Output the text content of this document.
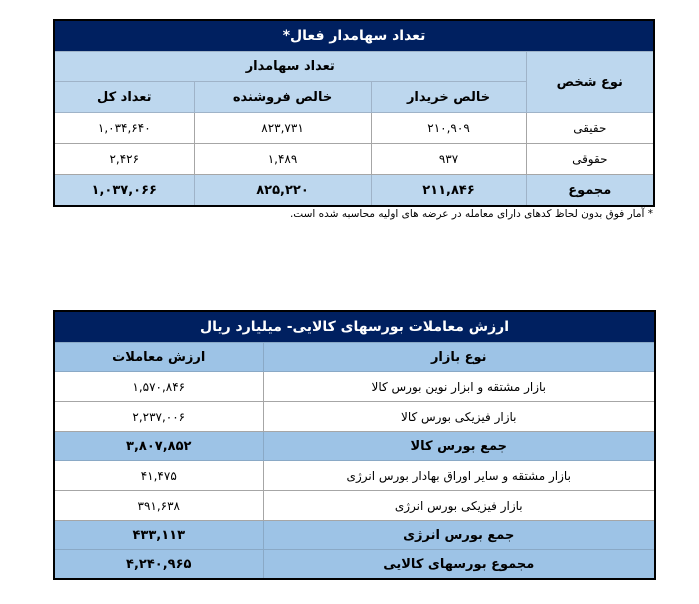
تعداد سهامدار فعال*			
نوع شخص	تعداد سهامدار		
	خالص خریدار	خالص فروشنده	تعداد کل
حقیقی	۲۱۰,۹۰۹	۸۲۳,۷۳۱	۱,۰۳۴,۶۴۰
حقوقی	۹۳۷	۱,۴۸۹	۲,۴۲۶
مجموع	۲۱۱,۸۴۶	۸۲۵,۲۲۰	۱,۰۳۷,۰۶۶
* آمار فوق بدون لحاظ کدهای دارای معامله در عرضه های اولیه محاسبه شده است.
ارزش معاملات بورسهای کالایی- میلیارد ریال	
نوع بازار	ارزش معاملات
بازار مشتقه و ابزار نوین بورس کالا	۱,۵۷۰,۸۴۶
بازار فیزیکی بورس کالا	۲,۲۳۷,۰۰۶
جمع بورس کالا	۳,۸۰۷,۸۵۲
بازار مشتقه و سایر اوراق بهادار بورس انرژی	۴۱,۴۷۵
بازار فیزیکی بورس انرژی	۳۹۱,۶۳۸
جمع بورس انرژی	۴۳۳,۱۱۳
مجموع بورسهای کالایی	۴,۲۴۰,۹۶۵
